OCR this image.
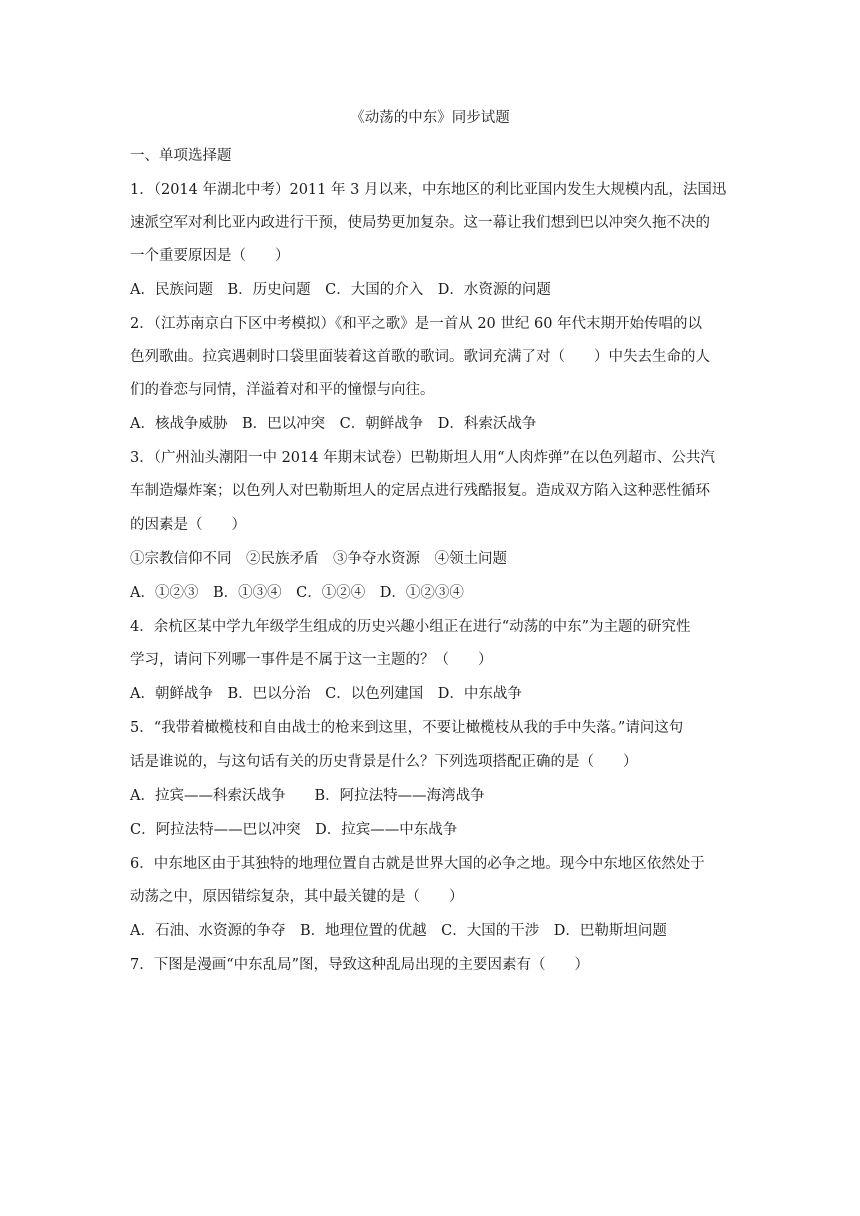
《动荡的中东》同步试题
一、单项选择题
1．（2014 年湖北中考）2011 年 3 月以来，中东地区的利比亚国内发生大规模内乱，法国迅
速派空军对利比亚内政进行干预，使局势更加复杂。这一幕让我们想到巴以冲突久拖不决的
一个重要原因是（　　）
A．民族问题　B．历史问题　C．大国的介入　D．水资源的问题
2．（江苏南京白下区中考模拟）《和平之歌》是一首从 20 世纪 60 年代末期开始传唱的以
色列歌曲。拉宾遇刺时口袋里面装着这首歌的歌词。歌词充满了对（　　）中失去生命的人
们的眷恋与同情，洋溢着对和平的憧憬与向往。
A．核战争威胁　B．巴以冲突　C．朝鲜战争　D．科索沃战争
3．（广州汕头潮阳一中 2014 年期末试卷）巴勒斯坦人用“人肉炸弹”在以色列超市、公共汽
车制造爆炸案；以色列人对巴勒斯坦人的定居点进行残酷报复。造成双方陷入这种恶性循环
的因素是（　　）
①宗教信仰不同　②民族矛盾　③争夺水资源　④领土问题
A．①②③　B．①③④　C．①②④　D．①②③④
4．余杭区某中学九年级学生组成的历史兴趣小组正在进行“动荡的中东”为主题的研究性
学习，请问下列哪一事件是不属于这一主题的？（　　）
A．朝鲜战争　B．巴以分治　C．以色列建国　D．中东战争
5．“我带着橄榄枝和自由战士的枪来到这里，不要让橄榄枝从我的手中失落。”请问这句
话是谁说的，与这句话有关的历史背景是什么？下列选项搭配正确的是（　　）
A．拉宾——科索沃战争　　B．阿拉法特——海湾战争
C．阿拉法特——巴以冲突　D．拉宾——中东战争
6．中东地区由于其独特的地理位置自古就是世界大国的必争之地。现今中东地区依然处于
动荡之中，原因错综复杂，其中最关键的是（　　）
A．石油、水资源的争夺　B．地理位置的优越　C．大国的干涉　D．巴勒斯坦问题
7．下图是漫画“中东乱局”图，导致这种乱局出现的主要因素有（　　）
